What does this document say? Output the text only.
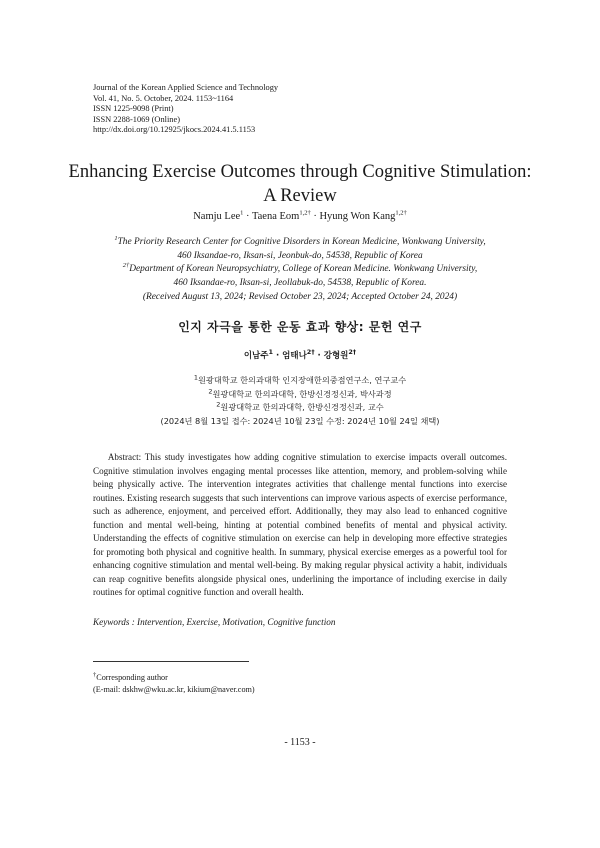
Journal of the Korean Applied Science and Technology
Vol. 41, No. 5. October, 2024. 1153~1164
ISSN 1225-9098 (Print)
ISSN 2288-1069 (Online)
http://dx.doi.org/10.12925/jkocs.2024.41.5.1153
Enhancing Exercise Outcomes through Cognitive Stimulation:
A Review
Namju Lee$^1$ · Taena Eom$^{1,2\dagger}$ · Hyung Won Kang$^{1,2\dagger}$
$^1$The Priority Research Center for Cognitive Disorders in Korean Medicine, Wonkwang University,
460 Iksandae-ro, Iksan-si, Jeonbuk-do, 54538, Republic of Korea
$^{2\dagger}$Department of Korean Neuropsychiatry, College of Korean Medicine. Wonkwang University,
460 Iksandae-ro, Iksan-si, Jeollabuk-do, 54538, Republic of Korea.
(Received August 13, 2024; Revised October 23, 2024; Accepted October 24, 2024)
인지 자극을 통한 운동 효과 향상: 문헌 연구
이남주$^1$ · 엄태나$^{2\dagger}$ · 강형원$^{2\dagger}$
$^1$원광대학교 한의과대학 인지장애한의중점연구소, 연구교수
$^2$원광대학교 한의과대학, 한방신경정신과, 박사과정
$^2$원광대학교 한의과대학, 한방신경정신과, 교수
(2024년 8월 13일 접수: 2024년 10월 23일 수정: 2024년 10월 24일 채택)
Abstract: This study investigates how adding cognitive stimulation to exercise impacts overall outcomes. Cognitive stimulation involves engaging mental processes like attention, memory, and problem-solving while being physically active. The intervention integrates activities that challenge mental functions into exercise routines. Existing research suggests that such interventions can improve various aspects of exercise performance, such as adherence, enjoyment, and perceived effort. Additionally, they may also lead to enhanced cognitive function and mental well-being, hinting at potential combined benefits of mental and physical activity. Understanding the effects of cognitive stimulation on exercise can help in developing more effective strategies for promoting both physical and cognitive health. In summary, physical exercise emerges as a powerful tool for enhancing cognitive stimulation and mental well-being. By making regular physical activity a habit, individuals can reap cognitive benefits alongside physical ones, underlining the importance of including exercise in daily routines for optimal cognitive function and overall health.
Keywords : Intervention, Exercise, Motivation, Cognitive function
†Corresponding author
(E-mail: dskhw@wku.ac.kr, kikium@naver.com)
- 1153 -
